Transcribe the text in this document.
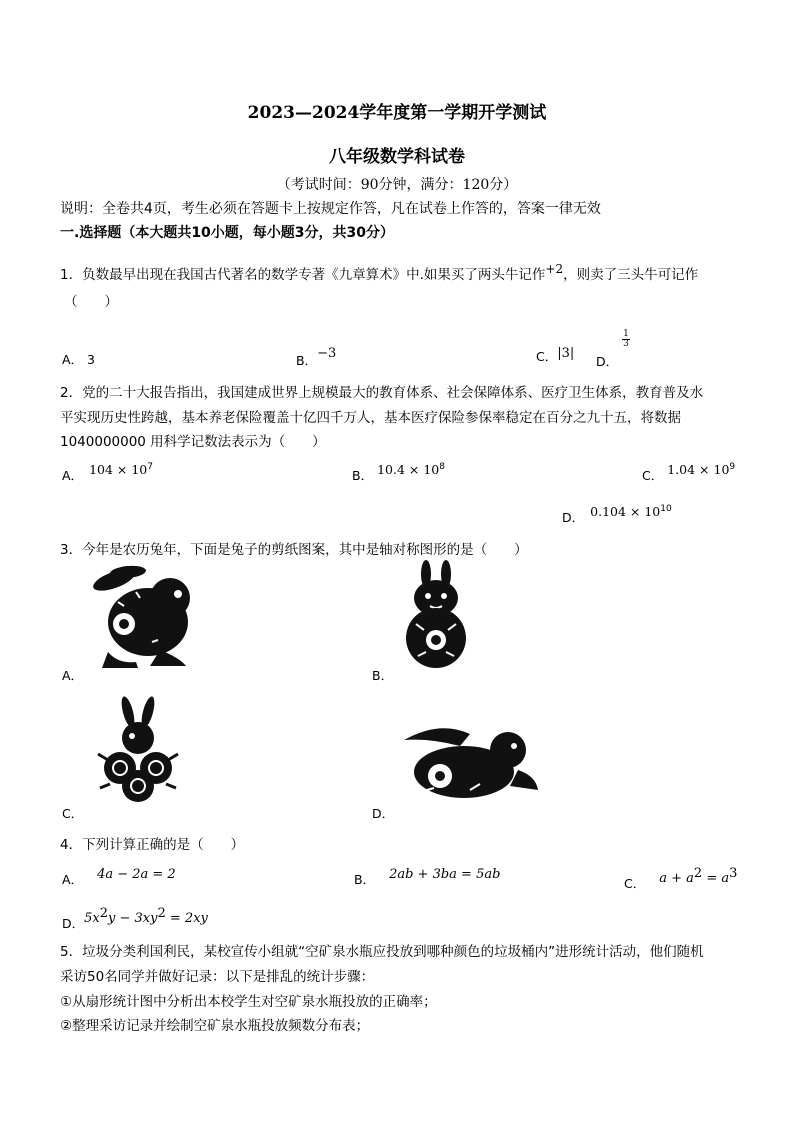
2023—2024学年度第一学期开学测试
八年级数学科试卷
（考试时间：90分钟，满分：120分）
说明：全卷共4页，考生必须在答题卡上按规定作答，凡在试卷上作答的，答案一律无效
一.选择题（本大题共10小题，每小题3分，共30分）
1．负数最早出现在我国古代著名的数学专著《九章算术》中.如果买了两头牛记作$^{+2}$，则卖了三头牛可记作
（　　）
A． 3	B．−3	C．|3|
D．
$\frac{1}{3}$
2．党的二十大报告指出，我国建成世界上规模最大的教育体系、社会保障体系、医疗卫生体系，教育普及水
平实现历史性跨越，基本养老保险覆盖十亿四千万人，基本医疗保险参保率稳定在百分之九十五，将数据
1040000000 用科学记数法表示为（　　）
A． $104 \times 10^7$
B． $10.4 \times 10^8$
C． $1.04 \times 10^9$
D． $0.104 \times 10^{10}$
3．今年是农历兔年，下面是兔子的剪纸图案，其中是轴对称图形的是（　　）
A．	B．
C．	D．
4．下列计算正确的是（　　）
A． 4a − 2a = 2	B． 2ab + 3ba = 5ab
C． $a + a^2 = a^3$
D．$5x^2y - 3xy^2 = 2xy$
5．垃圾分类利国利民，某校宣传小组就“空矿泉水瓶应投放到哪种颜色的垃圾桶内”进形统计活动，他们随机
采访50名同学并做好记录：以下是排乱的统计步骤：
①从扇形统计图中分析出本校学生对空矿泉水瓶投放的正确率；
②整理采访记录并绘制空矿泉水瓶投放频数分布表；
